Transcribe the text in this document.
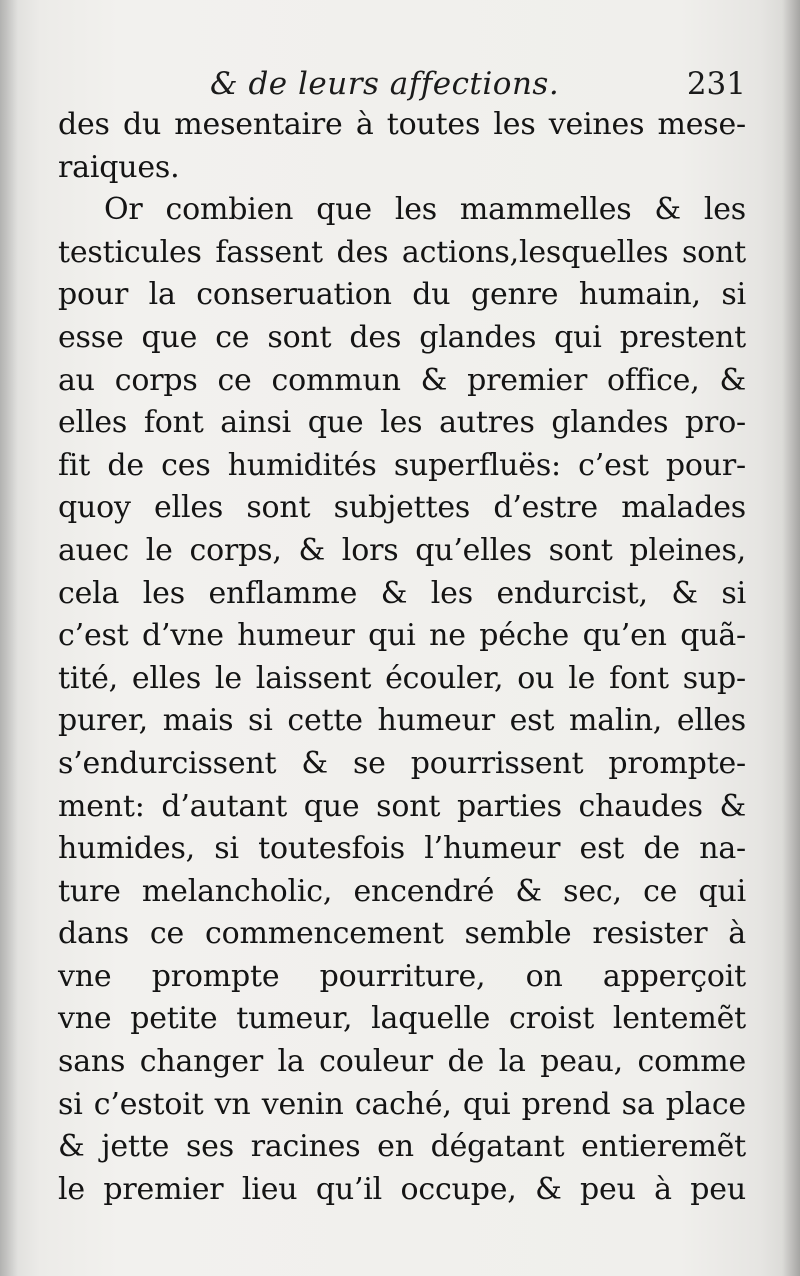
& de leurs affections.	231
des du mesentaire à toutes les veines mese-
raiques.
Or combien que les mammelles & les
testicules fassent des actions,lesquelles sont
pour la conseruation du genre humain, si
esse que ce sont des glandes qui prestent
au corps ce commun & premier office, &
elles font ainsi que les autres glandes pro-
fit de ces humidités superfluës: c’est pour-
quoy elles sont subjettes d’estre malades
auec le corps, & lors qu’elles sont pleines,
cela les enflamme & les endurcist, & si
c’est d’vne humeur qui ne péche qu’en quã-
tité, elles le laissent écouler, ou le font sup-
purer, mais si cette humeur est malin, elles
s’endurcissent & se pourrissent prompte-
ment: d’autant que sont parties chaudes &
humides, si toutesfois l’humeur est de na-
ture melancholic, encendré & sec, ce qui
dans ce commencement semble resister à
vne prompte pourriture, on apperçoit
vne petite tumeur, laquelle croist lentemẽt
sans changer la couleur de la peau, comme
si c’estoit vn venin caché, qui prend sa place
& jette ses racines en dégatant entieremẽt
le premier lieu qu’il occupe, & peu à peu
